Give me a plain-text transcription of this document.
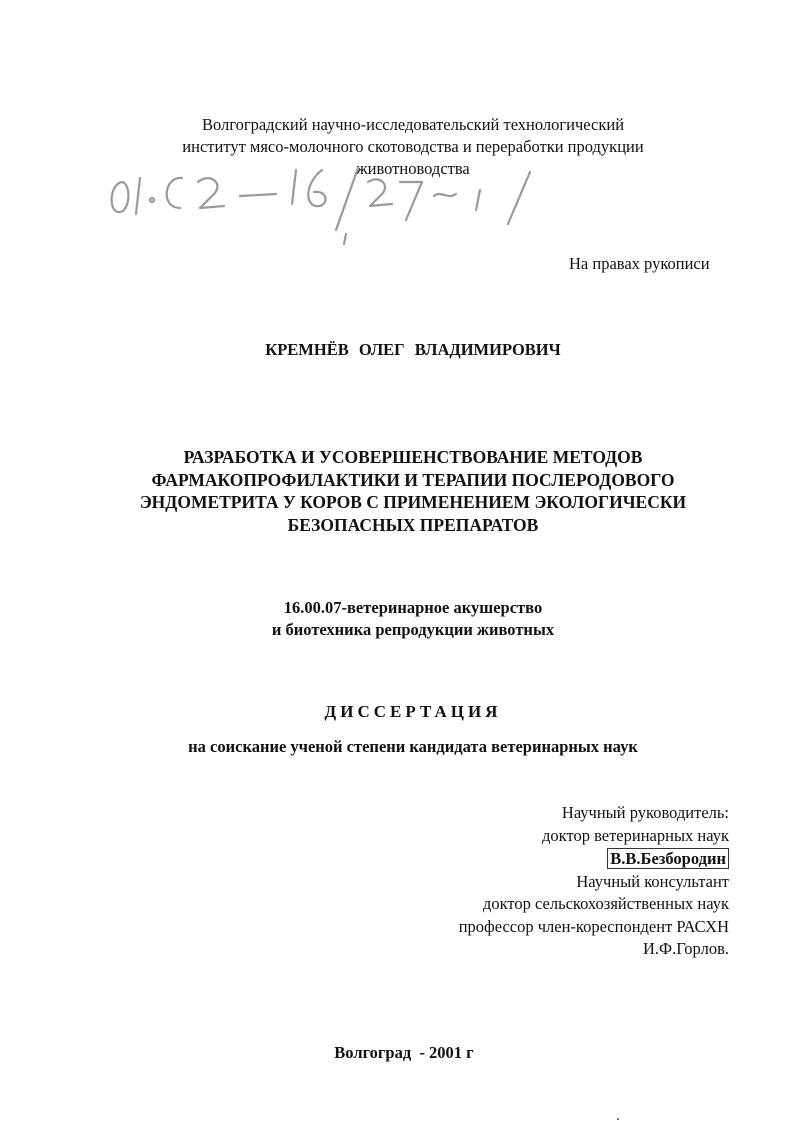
Волгоградский научно-исследовательский технологический
институт мясо-молочного скотоводства и переработки продукции
животноводства
На правах рукописи
КРЕМНЁВ ОЛЕГ ВЛАДИМИРОВИЧ
РАЗРАБОТКА И УСОВЕРШЕНСТВОВАНИЕ МЕТОДОВ
ФАРМАКОПРОФИЛАКТИКИ И ТЕРАПИИ ПОСЛЕРОДОВОГО
ЭНДОМЕТРИТА У КОРОВ С ПРИМЕНЕНИЕМ ЭКОЛОГИЧЕСКИ
БЕЗОПАСНЫХ ПРЕПАРАТОВ
16.00.07-ветеринарное акушерство
и биотехника репродукции животных
ДИССЕРТАЦИЯ
на соискание ученой степени кандидата ветеринарных наук
Научный руководитель:
доктор ветеринарных наук
В.В.Безбородин
Научный консультант
доктор сельскохозяйственных наук
профессор член-кореспондент РАСХН
И.Ф.Горлов.
Волгоград  - 2001 г
